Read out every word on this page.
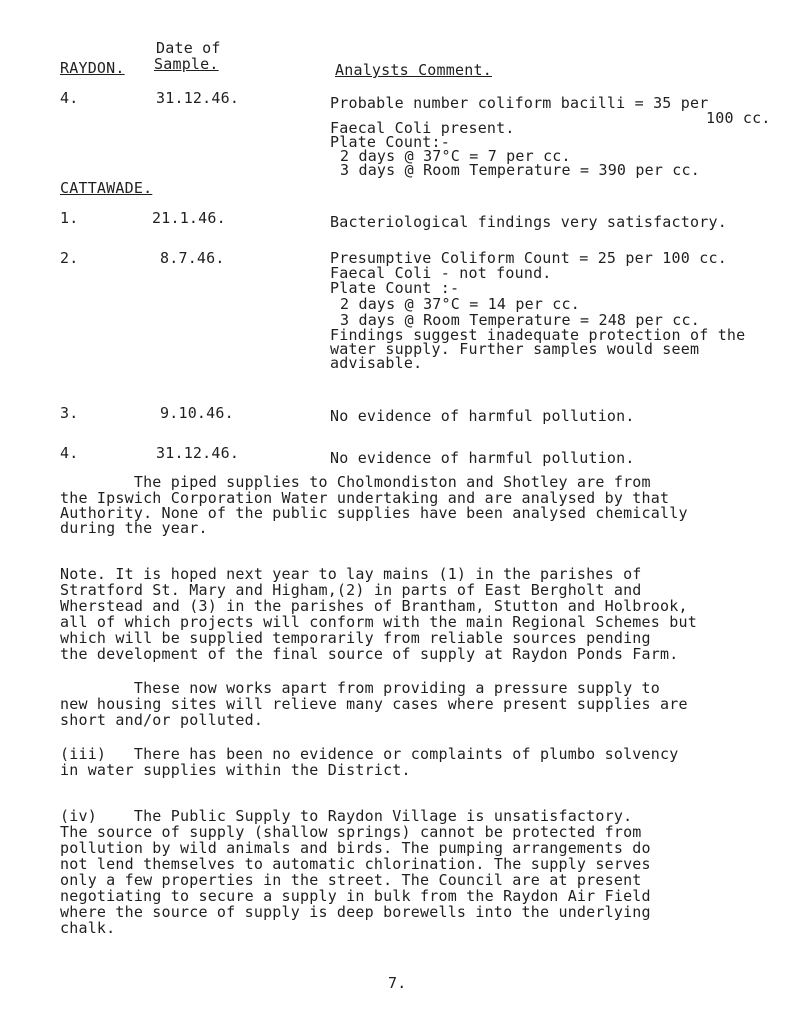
RAYDON.
Date of
Sample.	Analysts Comment.
4.	31.12.46.	Probable number coliform bacilli = 35 per
100 cc.
Faecal Coli present.
Plate Count:-
2 days @ 37°C = 7 per cc.
3 days @ Room Temperature = 390 per cc.
CATTAWADE.
1.	21.1.46.	Bacteriological findings very satisfactory.
2.	8.7.46.	Presumptive Coliform Count = 25 per 100 cc.
Faecal Coli - not found.
Plate Count :-
2 days @ 37°C = 14 per cc.
3 days @ Room Temperature = 248 per cc.
Findings suggest inadequate protection of the
water supply. Further samples would seem
advisable.
3.	9.10.46.	No evidence of harmful pollution.
4.	31.12.46.	No evidence of harmful pollution.
The piped supplies to Cholmondiston and Shotley are from
the Ipswich Corporation Water undertaking and are analysed by that
Authority. None of the public supplies have been analysed chemically
during the year.
Note. It is hoped next year to lay mains (1) in the parishes of
Stratford St. Mary and Higham,(2) in parts of East Bergholt and
Wherstead and (3) in the parishes of Brantham, Stutton and Holbrook,
all of which projects will conform with the main Regional Schemes but
which will be supplied temporarily from reliable sources pending
the development of the final source of supply at Raydon Ponds Farm.
These now works apart from providing a pressure supply to
new housing sites will relieve many cases where present supplies are
short and/or polluted.
(iii)   There has been no evidence or complaints of plumbo solvency
in water supplies within the District.
(iv)    The Public Supply to Raydon Village is unsatisfactory.
The source of supply (shallow springs) cannot be protected from
pollution by wild animals and birds. The pumping arrangements do
not lend themselves to automatic chlorination. The supply serves
only a few properties in the street. The Council are at present
negotiating to secure a supply in bulk from the Raydon Air Field
where the source of supply is deep borewells into the underlying
chalk.
7.
